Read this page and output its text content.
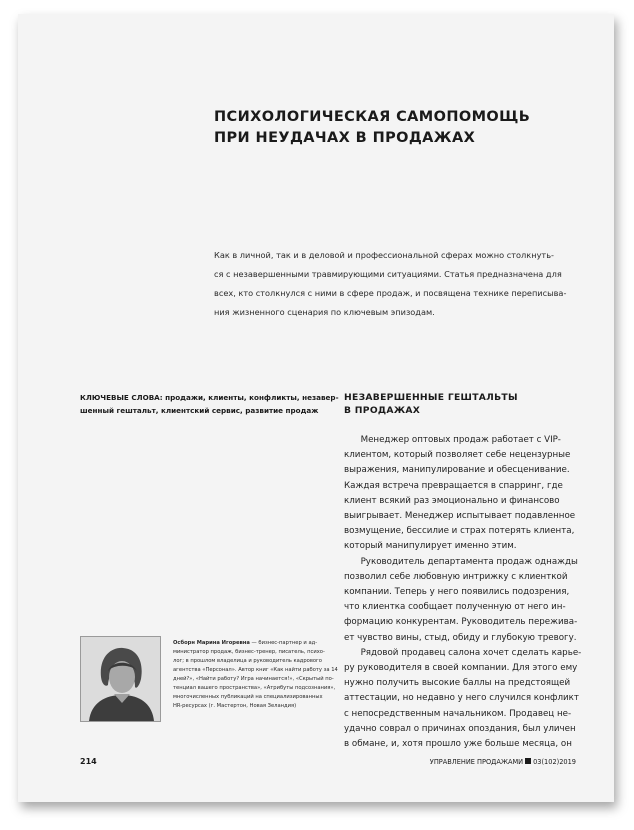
ПСИХОЛОГИЧЕСКАЯ САМОПОМОЩЬ
ПРИ НЕУДАЧАХ В ПРОДАЖАХ

Как в личной, так и в деловой и профессиональной сферах можно столкнуть-
ся с незавершенными травмирующими ситуациями. Статья предназначена для
всех, кто столкнулся с ними в сфере продаж, и посвящена технике переписыва-
ния жизненного сценария по ключевым эпизодам.

КЛЮЧЕВЫЕ СЛОВА: продажи, клиенты, конфликты, незавер-
шенный гештальт, клиентский сервис, развитие продаж

НЕЗАВЕРШЕННЫЕ ГЕШТАЛЬТЫ
В ПРОДАЖАХ
Менеджер оптовых продаж работает с VIP-
клиентом, который позволяет себе нецензурные
выражения, манипулирование и обесценивание.
Каждая встреча превращается в спарринг, где
клиент всякий раз эмоционально и финансово
выигрывает. Менеджер испытывает подавленное
возмущение, бессилие и страх потерять клиента,
который манипулирует именно этим.
Руководитель департамента продаж однажды
позволил себе любовную интрижку с клиенткой
компании. Теперь у него появились подозрения,
что клиентка сообщает полученную от него ин-
формацию конкурентам. Руководитель пережива-
ет чувство вины, стыд, обиду и глубокую тревогу.
Рядовой продавец салона хочет сделать карье-
ру руководителя в своей компании. Для этого ему
нужно получить высокие баллы на предстоящей
аттестации, но недавно у него случился конфликт
с непосредственным начальником. Продавец не-
удачно соврал о причинах опоздания, был уличен
в обмане, и, хотя прошло уже больше месяца, он
Осборн Марина Игоревна — бизнес-партнер и ад-
министратор продаж, бизнес-тренер, писатель, психо-
лог; в прошлом владелица и руководитель кадрового
агентства «Персонал». Автор книг «Как найти работу за 14
дней?», «Найти работу? Игра начинается!», «Скрытый по-
тенциал вашего пространства», «Атрибуты подсознания»,
многочисленных публикаций на специализированных
HR-ресурсах (г. Мастертон, Новая Зеландия)
214	УПРАВЛЕНИЕ ПРОДАЖАМИ 03(102)2019
